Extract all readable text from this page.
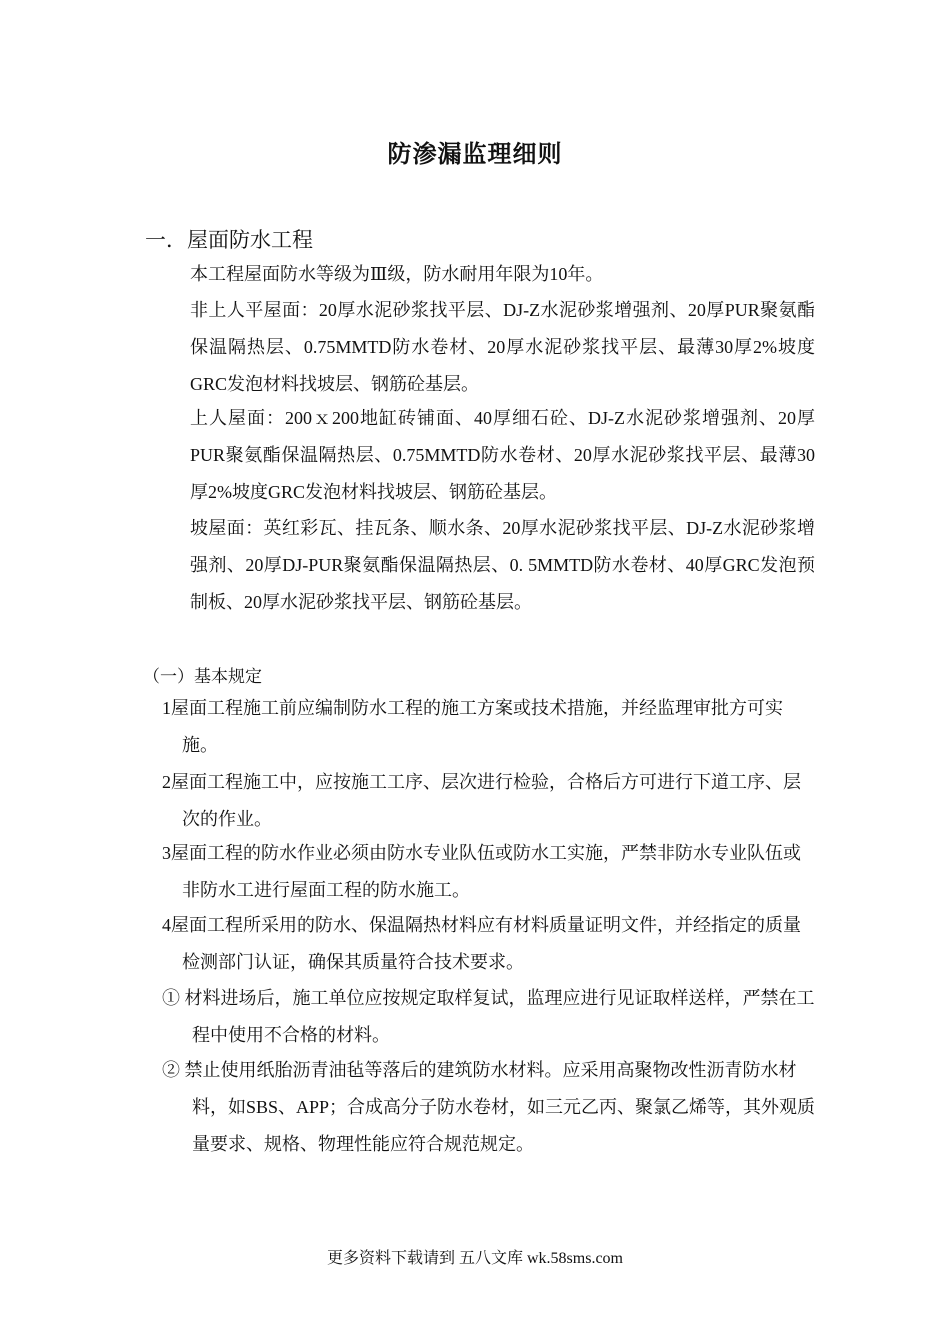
防渗漏监理细则
一．屋面防水工程
本工程屋面防水等级为Ⅲ级，防水耐用年限为10年。
非上人平屋面：20厚水泥砂浆找平层、DJ-Z水泥砂浆增强剂、20厚PUR聚氨酯保温隔热层、0.75MMTD防水卷材、20厚水泥砂浆找平层、最薄30厚2%坡度GRC发泡材料找坡层、钢筋砼基层。
上人屋面：200ｘ200地缸砖铺面、40厚细石砼、DJ-Z水泥砂浆增强剂、20厚PUR聚氨酯保温隔热层、0.75MMTD防水卷材、20厚水泥砂浆找平层、最薄30厚2%坡度GRC发泡材料找坡层、钢筋砼基层。
坡屋面：英红彩瓦、挂瓦条、顺水条、20厚水泥砂浆找平层、DJ-Z水泥砂浆增强剂、20厚DJ-PUR聚氨酯保温隔热层、0. 5MMTD防水卷材、40厚GRC发泡预制板、20厚水泥砂浆找平层、钢筋砼基层。
（一）基本规定
1屋面工程施工前应编制防水工程的施工方案或技术措施，并经监理审批方可实施。
2屋面工程施工中，应按施工工序、层次进行检验，合格后方可进行下道工序、层次的作业。
3屋面工程的防水作业必须由防水专业队伍或防水工实施，严禁非防水专业队伍或非防水工进行屋面工程的防水施工。
4屋面工程所采用的防水、保温隔热材料应有材料质量证明文件，并经指定的质量检测部门认证，确保其质量符合技术要求。
① 材料进场后，施工单位应按规定取样复试，监理应进行见证取样送样，严禁在工程中使用不合格的材料。
② 禁止使用纸胎沥青油毡等落后的建筑防水材料。应采用高聚物改性沥青防水材料，如SBS、APP；合成高分子防水卷材，如三元乙丙、聚氯乙烯等，其外观质量要求、规格、物理性能应符合规范规定。
更多资料下载请到 五八文库 wk.58sms.com
